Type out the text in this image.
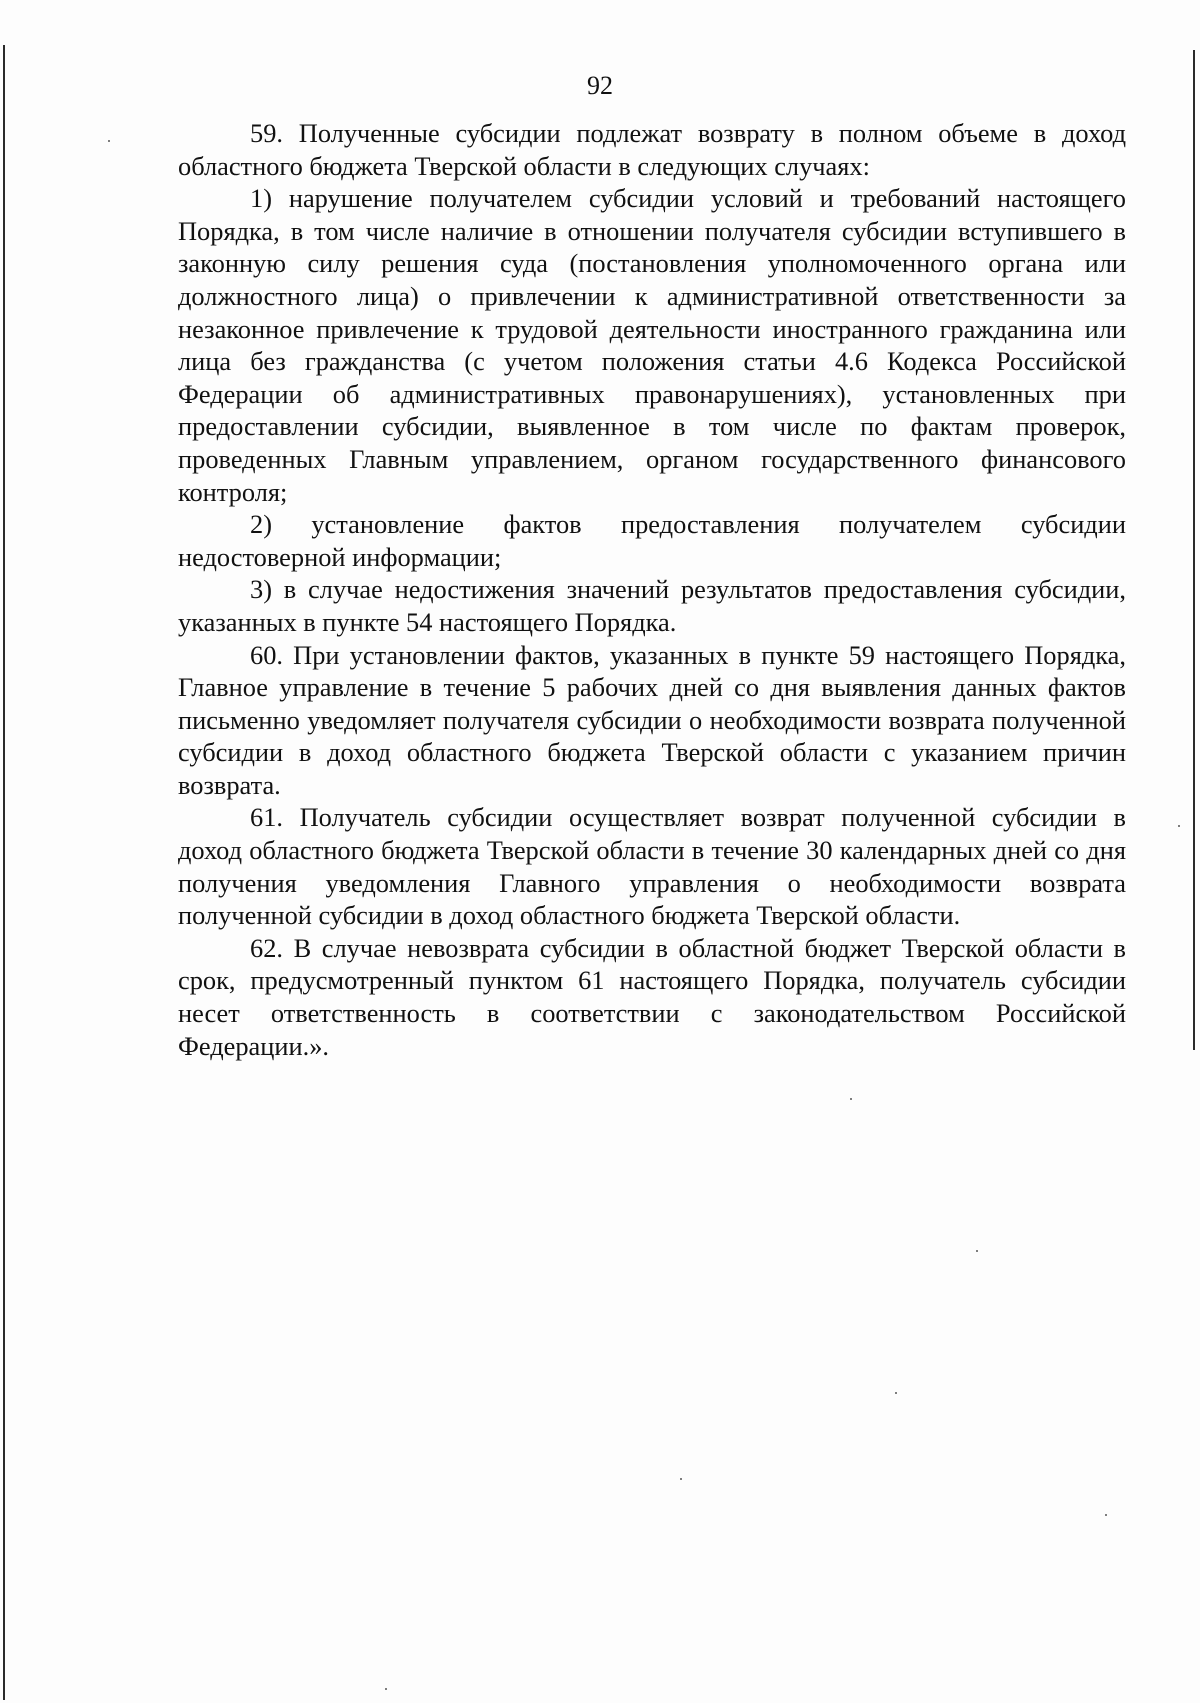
92

59. Полученные субсидии подлежат возврату в полном объеме в доход областного бюджета Тверской области в следующих случаях:

1) нарушение получателем субсидии условий и требований настоящего Порядка, в том числе наличие в отношении получателя субсидии вступившего в законную силу решения суда (постановления уполномоченного органа или должностного лица) о привлечении к административной ответственности за незаконное привлечение к трудовой деятельности иностранного гражданина или лица без гражданства (с учетом положения статьи 4.6 Кодекса Российской Федерации об административных правонарушениях), установленных при предоставлении субсидии, выявленное в том числе по фактам проверок, проведенных Главным управлением, органом государственного финансового контроля;

2) установление фактов предоставления получателем субсидии недостоверной информации;

3) в случае недостижения значений результатов предоставления субсидии, указанных в пункте 54 настоящего Порядка.

60. При установлении фактов, указанных в пункте 59 настоящего Порядка, Главное управление в течение 5 рабочих дней со дня выявления данных фактов письменно уведомляет получателя субсидии о необходимости возврата полученной субсидии в доход областного бюджета Тверской области с указанием причин возврата.

61. Получатель субсидии осуществляет возврат полученной субсидии в доход областного бюджета Тверской области в течение 30 календарных дней со дня получения уведомления Главного управления о необходимости возврата полученной субсидии в доход областного бюджета Тверской области.

62. В случае невозврата субсидии в областной бюджет Тверской области в срок, предусмотренный пунктом 61 настоящего Порядка, получатель субсидии несет ответственность в соответствии с законодательством Российской Федерации.».
